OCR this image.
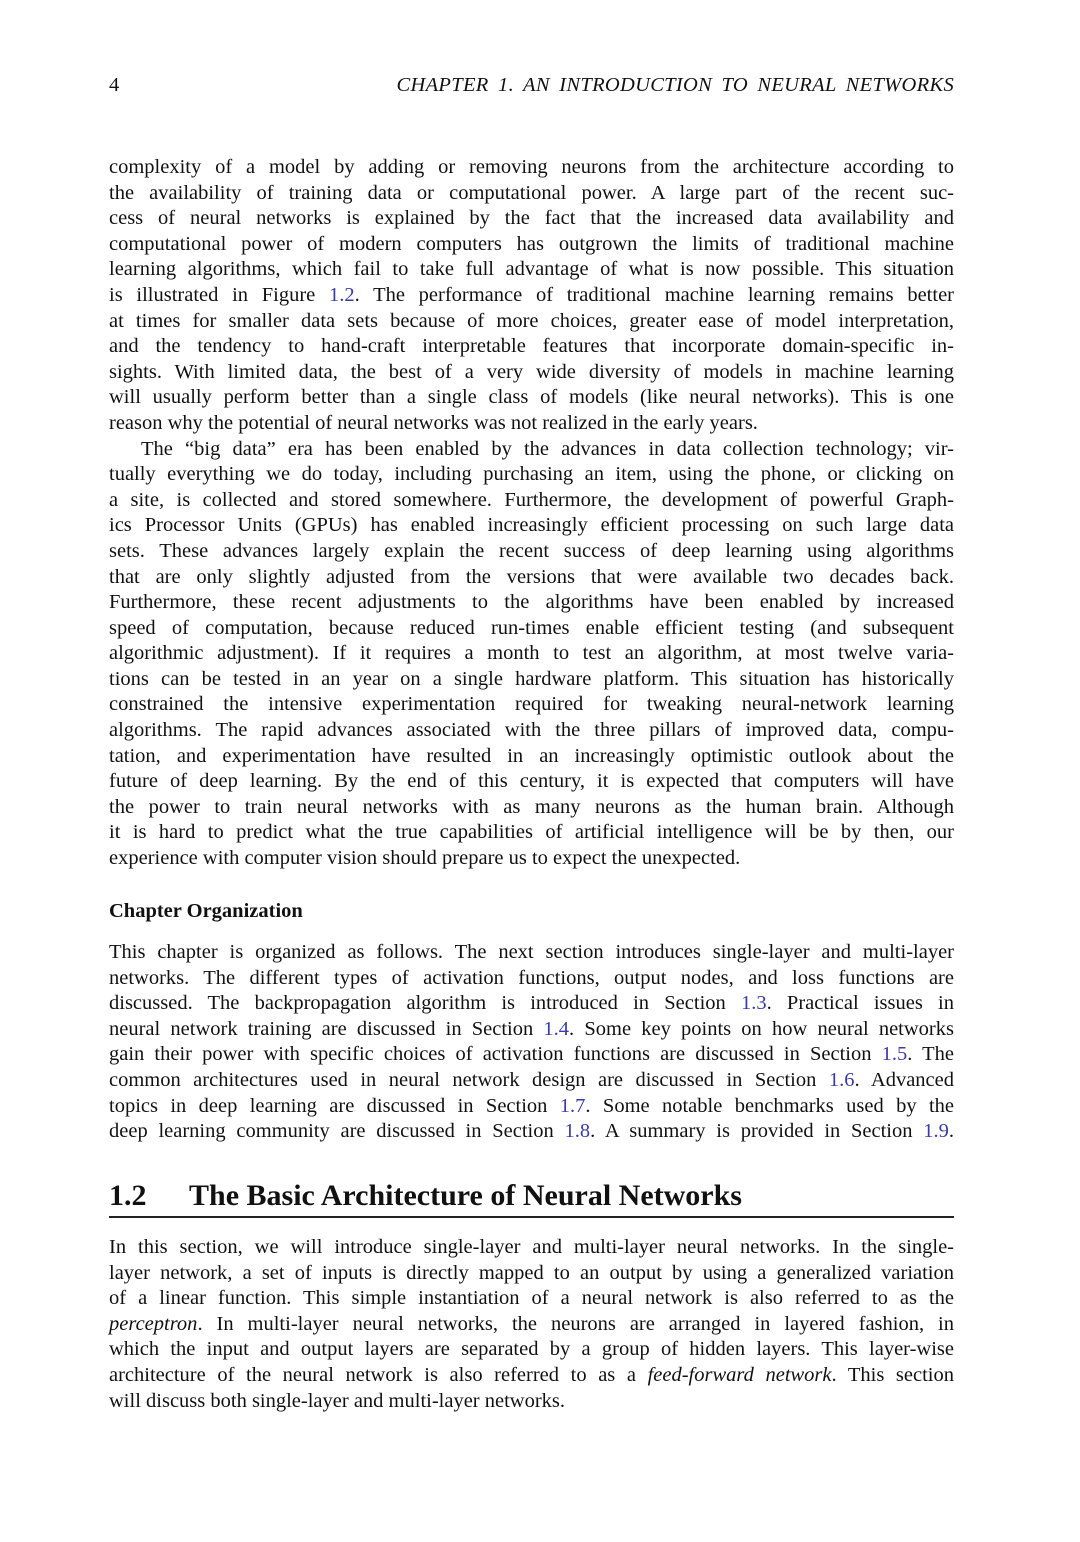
4	CHAPTER 1. AN INTRODUCTION TO NEURAL NETWORKS
complexity of a model by adding or removing neurons from the architecture according to
the availability of training data or computational power. A large part of the recent suc-
cess of neural networks is explained by the fact that the increased data availability and
computational power of modern computers has outgrown the limits of traditional machine
learning algorithms, which fail to take full advantage of what is now possible. This situation
is illustrated in Figure 1.2. The performance of traditional machine learning remains better
at times for smaller data sets because of more choices, greater ease of model interpretation,
and the tendency to hand-craft interpretable features that incorporate domain-specific in-
sights. With limited data, the best of a very wide diversity of models in machine learning
will usually perform better than a single class of models (like neural networks). This is one
reason why the potential of neural networks was not realized in the early years.
The “big data” era has been enabled by the advances in data collection technology; vir-
tually everything we do today, including purchasing an item, using the phone, or clicking on
a site, is collected and stored somewhere. Furthermore, the development of powerful Graph-
ics Processor Units (GPUs) has enabled increasingly efficient processing on such large data
sets. These advances largely explain the recent success of deep learning using algorithms
that are only slightly adjusted from the versions that were available two decades back.
Furthermore, these recent adjustments to the algorithms have been enabled by increased
speed of computation, because reduced run-times enable efficient testing (and subsequent
algorithmic adjustment). If it requires a month to test an algorithm, at most twelve varia-
tions can be tested in an year on a single hardware platform. This situation has historically
constrained the intensive experimentation required for tweaking neural-network learning
algorithms. The rapid advances associated with the three pillars of improved data, compu-
tation, and experimentation have resulted in an increasingly optimistic outlook about the
future of deep learning. By the end of this century, it is expected that computers will have
the power to train neural networks with as many neurons as the human brain. Although
it is hard to predict what the true capabilities of artificial intelligence will be by then, our
experience with computer vision should prepare us to expect the unexpected.
Chapter Organization
This chapter is organized as follows. The next section introduces single-layer and multi-layer
networks. The different types of activation functions, output nodes, and loss functions are
discussed. The backpropagation algorithm is introduced in Section 1.3. Practical issues in
neural network training are discussed in Section 1.4. Some key points on how neural networks
gain their power with specific choices of activation functions are discussed in Section 1.5. The
common architectures used in neural network design are discussed in Section 1.6. Advanced
topics in deep learning are discussed in Section 1.7. Some notable benchmarks used by the
deep learning community are discussed in Section 1.8. A summary is provided in Section 1.9.
1.2 The Basic Architecture of Neural Networks
In this section, we will introduce single-layer and multi-layer neural networks. In the single-
layer network, a set of inputs is directly mapped to an output by using a generalized variation
of a linear function. This simple instantiation of a neural network is also referred to as the
perceptron. In multi-layer neural networks, the neurons are arranged in layered fashion, in
which the input and output layers are separated by a group of hidden layers. This layer-wise
architecture of the neural network is also referred to as a feed-forward network. This section
will discuss both single-layer and multi-layer networks.
